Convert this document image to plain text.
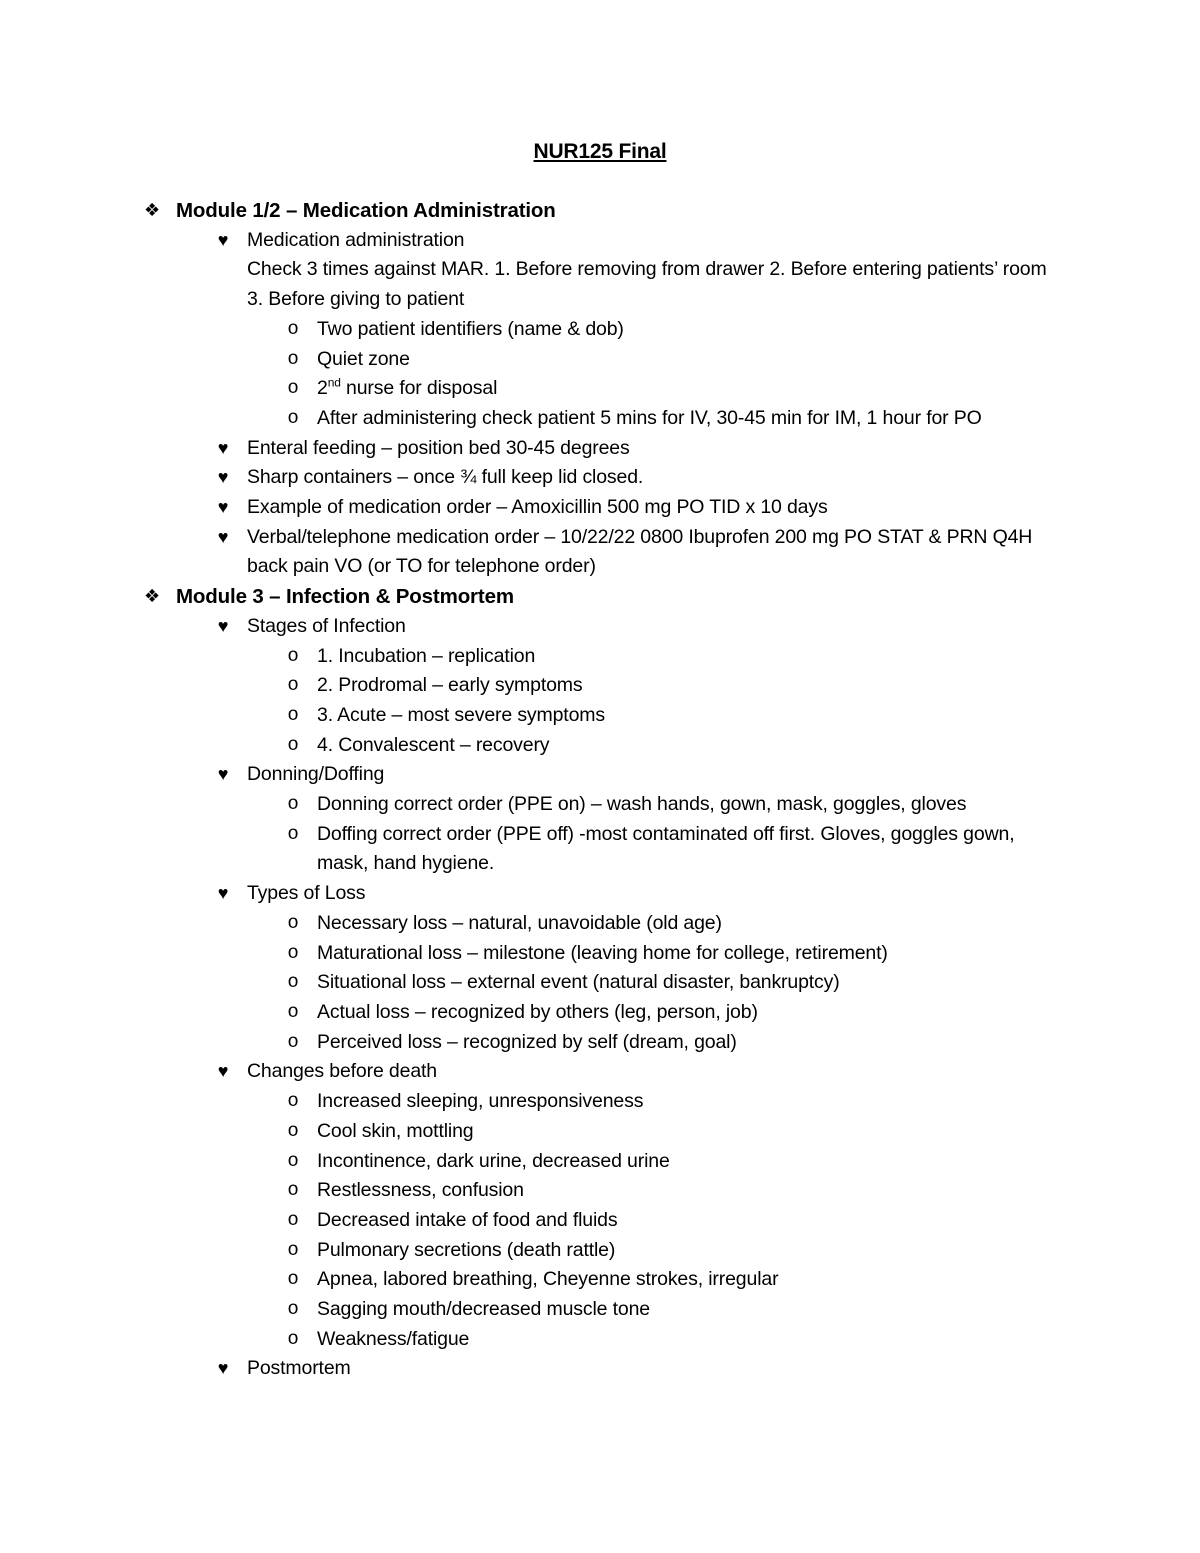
NUR125 Final
❖ Module 1/2 – Medication Administration
♥ Medication administration
Check 3 times against MAR. 1. Before removing from drawer 2. Before entering patients’ room 3. Before giving to patient
o Two patient identifiers (name & dob)
o Quiet zone
o 2nd nurse for disposal
o After administering check patient 5 mins for IV, 30-45 min for IM, 1 hour for PO
♥ Enteral feeding – position bed 30-45 degrees
♥ Sharp containers – once ¾ full keep lid closed.
♥ Example of medication order – Amoxicillin 500 mg PO TID x 10 days
♥ Verbal/telephone medication order – 10/22/22 0800 Ibuprofen 200 mg PO STAT & PRN Q4H back pain VO (or TO for telephone order)
❖ Module 3 – Infection & Postmortem
♥ Stages of Infection
o 1. Incubation – replication
o 2. Prodromal – early symptoms
o 3. Acute – most severe symptoms
o 4. Convalescent – recovery
♥ Donning/Doffing
o Donning correct order (PPE on) – wash hands, gown, mask, goggles, gloves
o Doffing correct order (PPE off) -most contaminated off first. Gloves, goggles gown, mask, hand hygiene.
♥ Types of Loss
o Necessary loss – natural, unavoidable (old age)
o Maturational loss – milestone (leaving home for college, retirement)
o Situational loss – external event (natural disaster, bankruptcy)
o Actual loss – recognized by others (leg, person, job)
o Perceived loss – recognized by self (dream, goal)
♥ Changes before death
o Increased sleeping, unresponsiveness
o Cool skin, mottling
o Incontinence, dark urine, decreased urine
o Restlessness, confusion
o Decreased intake of food and fluids
o Pulmonary secretions (death rattle)
o Apnea, labored breathing, Cheyenne strokes, irregular
o Sagging mouth/decreased muscle tone
o Weakness/fatigue
♥ Postmortem
